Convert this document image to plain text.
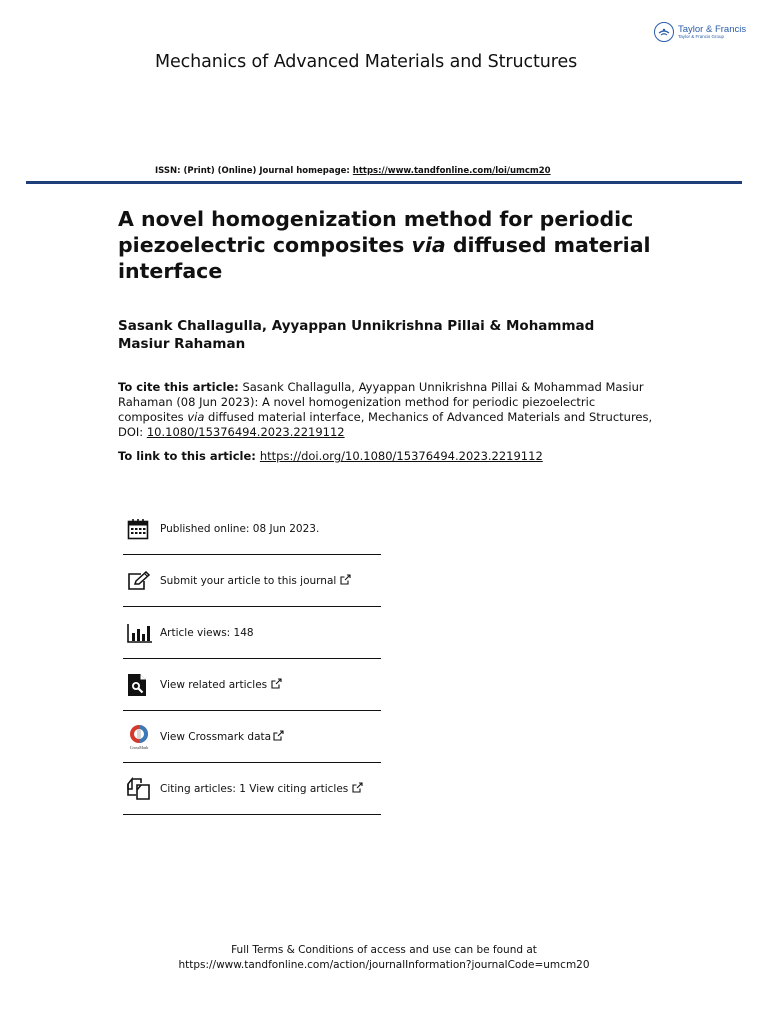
Taylor & Francis
Taylor & Francis Group
Mechanics of Advanced Materials and Structures
ISSN: (Print) (Online) Journal homepage: https://www.tandfonline.com/loi/umcm20
A novel homogenization method for periodic piezoelectric composites via diffused material interface
Sasank Challagulla, Ayyappan Unnikrishna Pillai & Mohammad Masiur Rahaman
To cite this article: Sasank Challagulla, Ayyappan Unnikrishna Pillai & Mohammad Masiur Rahaman (08 Jun 2023): A novel homogenization method for periodic piezoelectric composites via diffused material interface, Mechanics of Advanced Materials and Structures, DOI: 10.1080/15376494.2023.2219112
To link to this article: https://doi.org/10.1080/15376494.2023.2219112
Published online: 08 Jun 2023.
Submit your article to this journal
Article views: 148
View related articles
CrossMark
View Crossmark data
Citing articles: 1 View citing articles
Full Terms & Conditions of access and use can be found at
https://www.tandfonline.com/action/journalInformation?journalCode=umcm20
